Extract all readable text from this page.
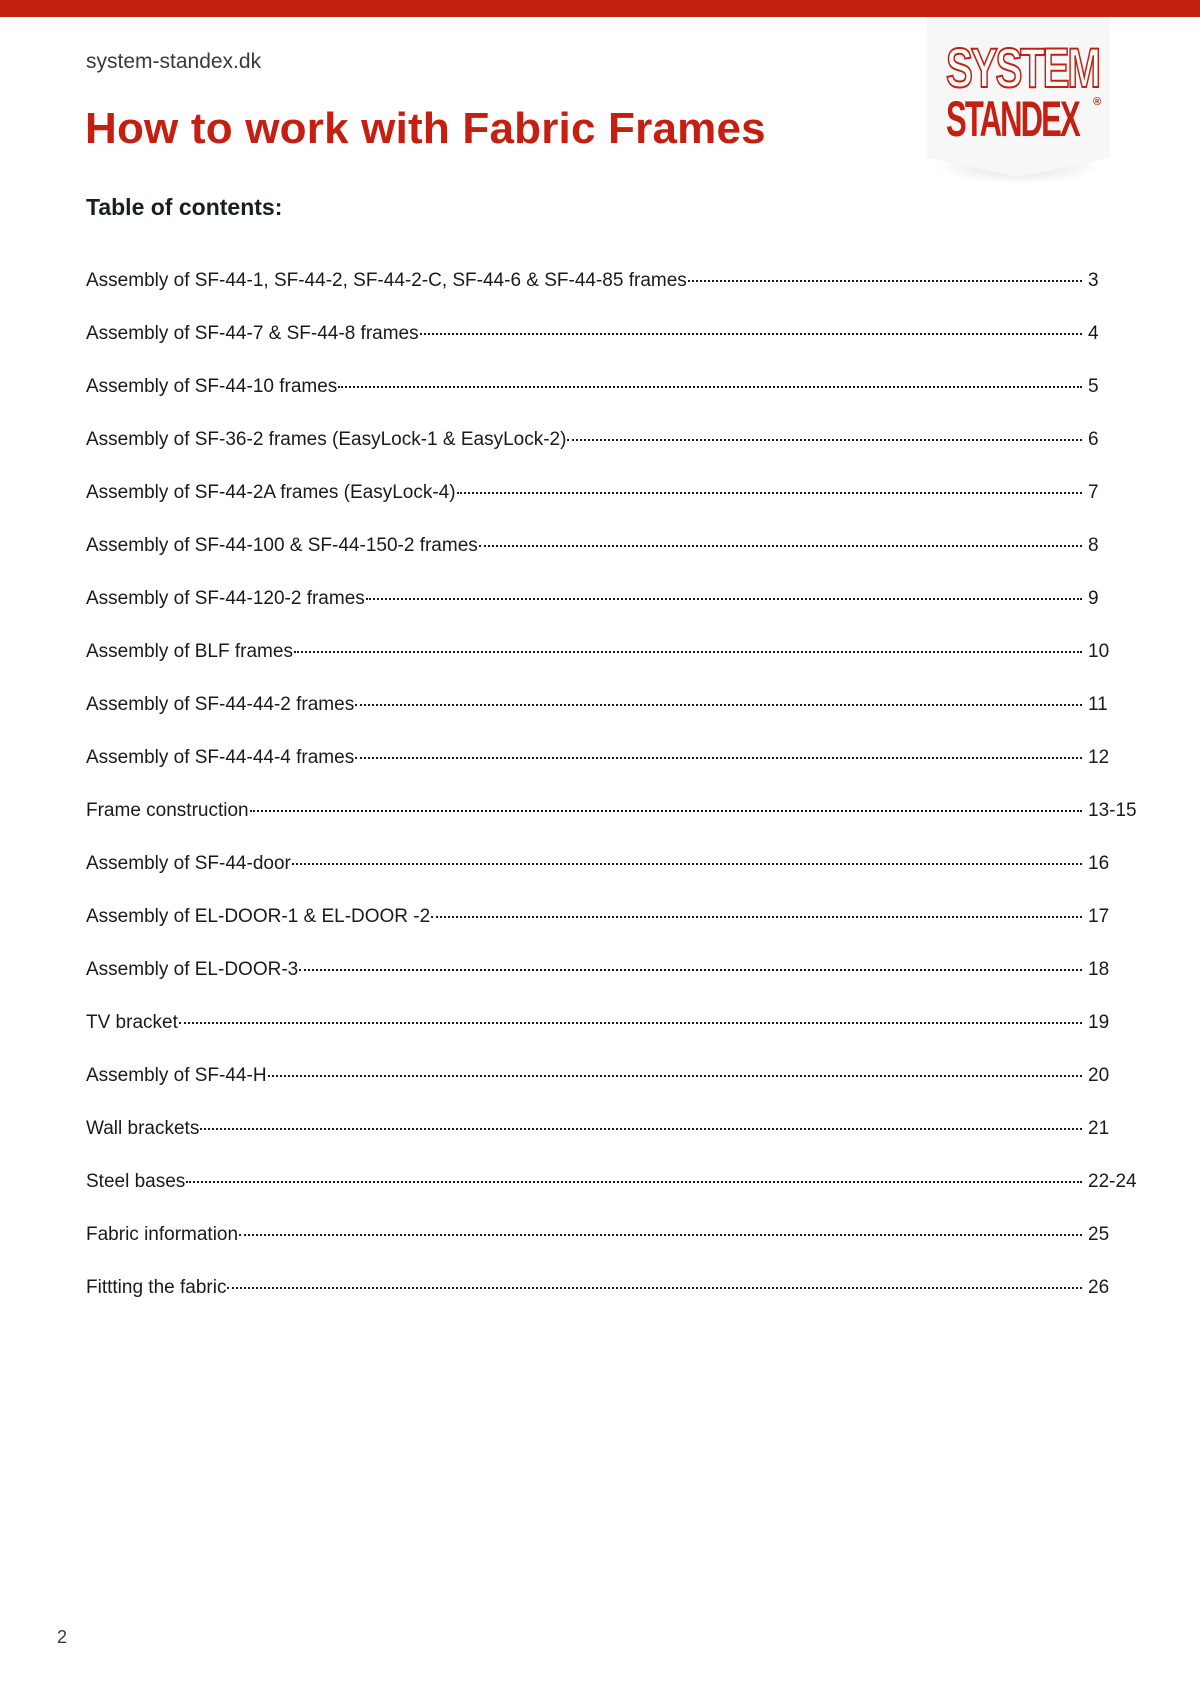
SYSTEM
STANDEX ®
system-standex.dk
How to work with Fabric Frames
Table of contents:
Assembly of SF-44-1, SF-44-2, SF-44-2-C, SF-44-6 & SF-44-85 frames	3
Assembly of SF-44-7 & SF-44-8 frames	4
Assembly of SF-44-10 frames	5
Assembly of SF-36-2 frames (EasyLock-1 & EasyLock-2)	6
Assembly of SF-44-2A frames (EasyLock-4)	7
Assembly of SF-44-100 & SF-44-150-2 frames	8
Assembly of SF-44-120-2 frames	9
Assembly of BLF frames	10
Assembly of SF-44-44-2 frames	11
Assembly of SF-44-44-4 frames	12
Frame construction	13-15
Assembly of SF-44-door	16
Assembly of EL-DOOR-1 & EL-DOOR -2	17
Assembly of EL-DOOR-3	18
TV bracket	19
Assembly of SF-44-H	20
Wall brackets	21
Steel bases	22-24
Fabric information	25
Fittting the fabric	26
2
